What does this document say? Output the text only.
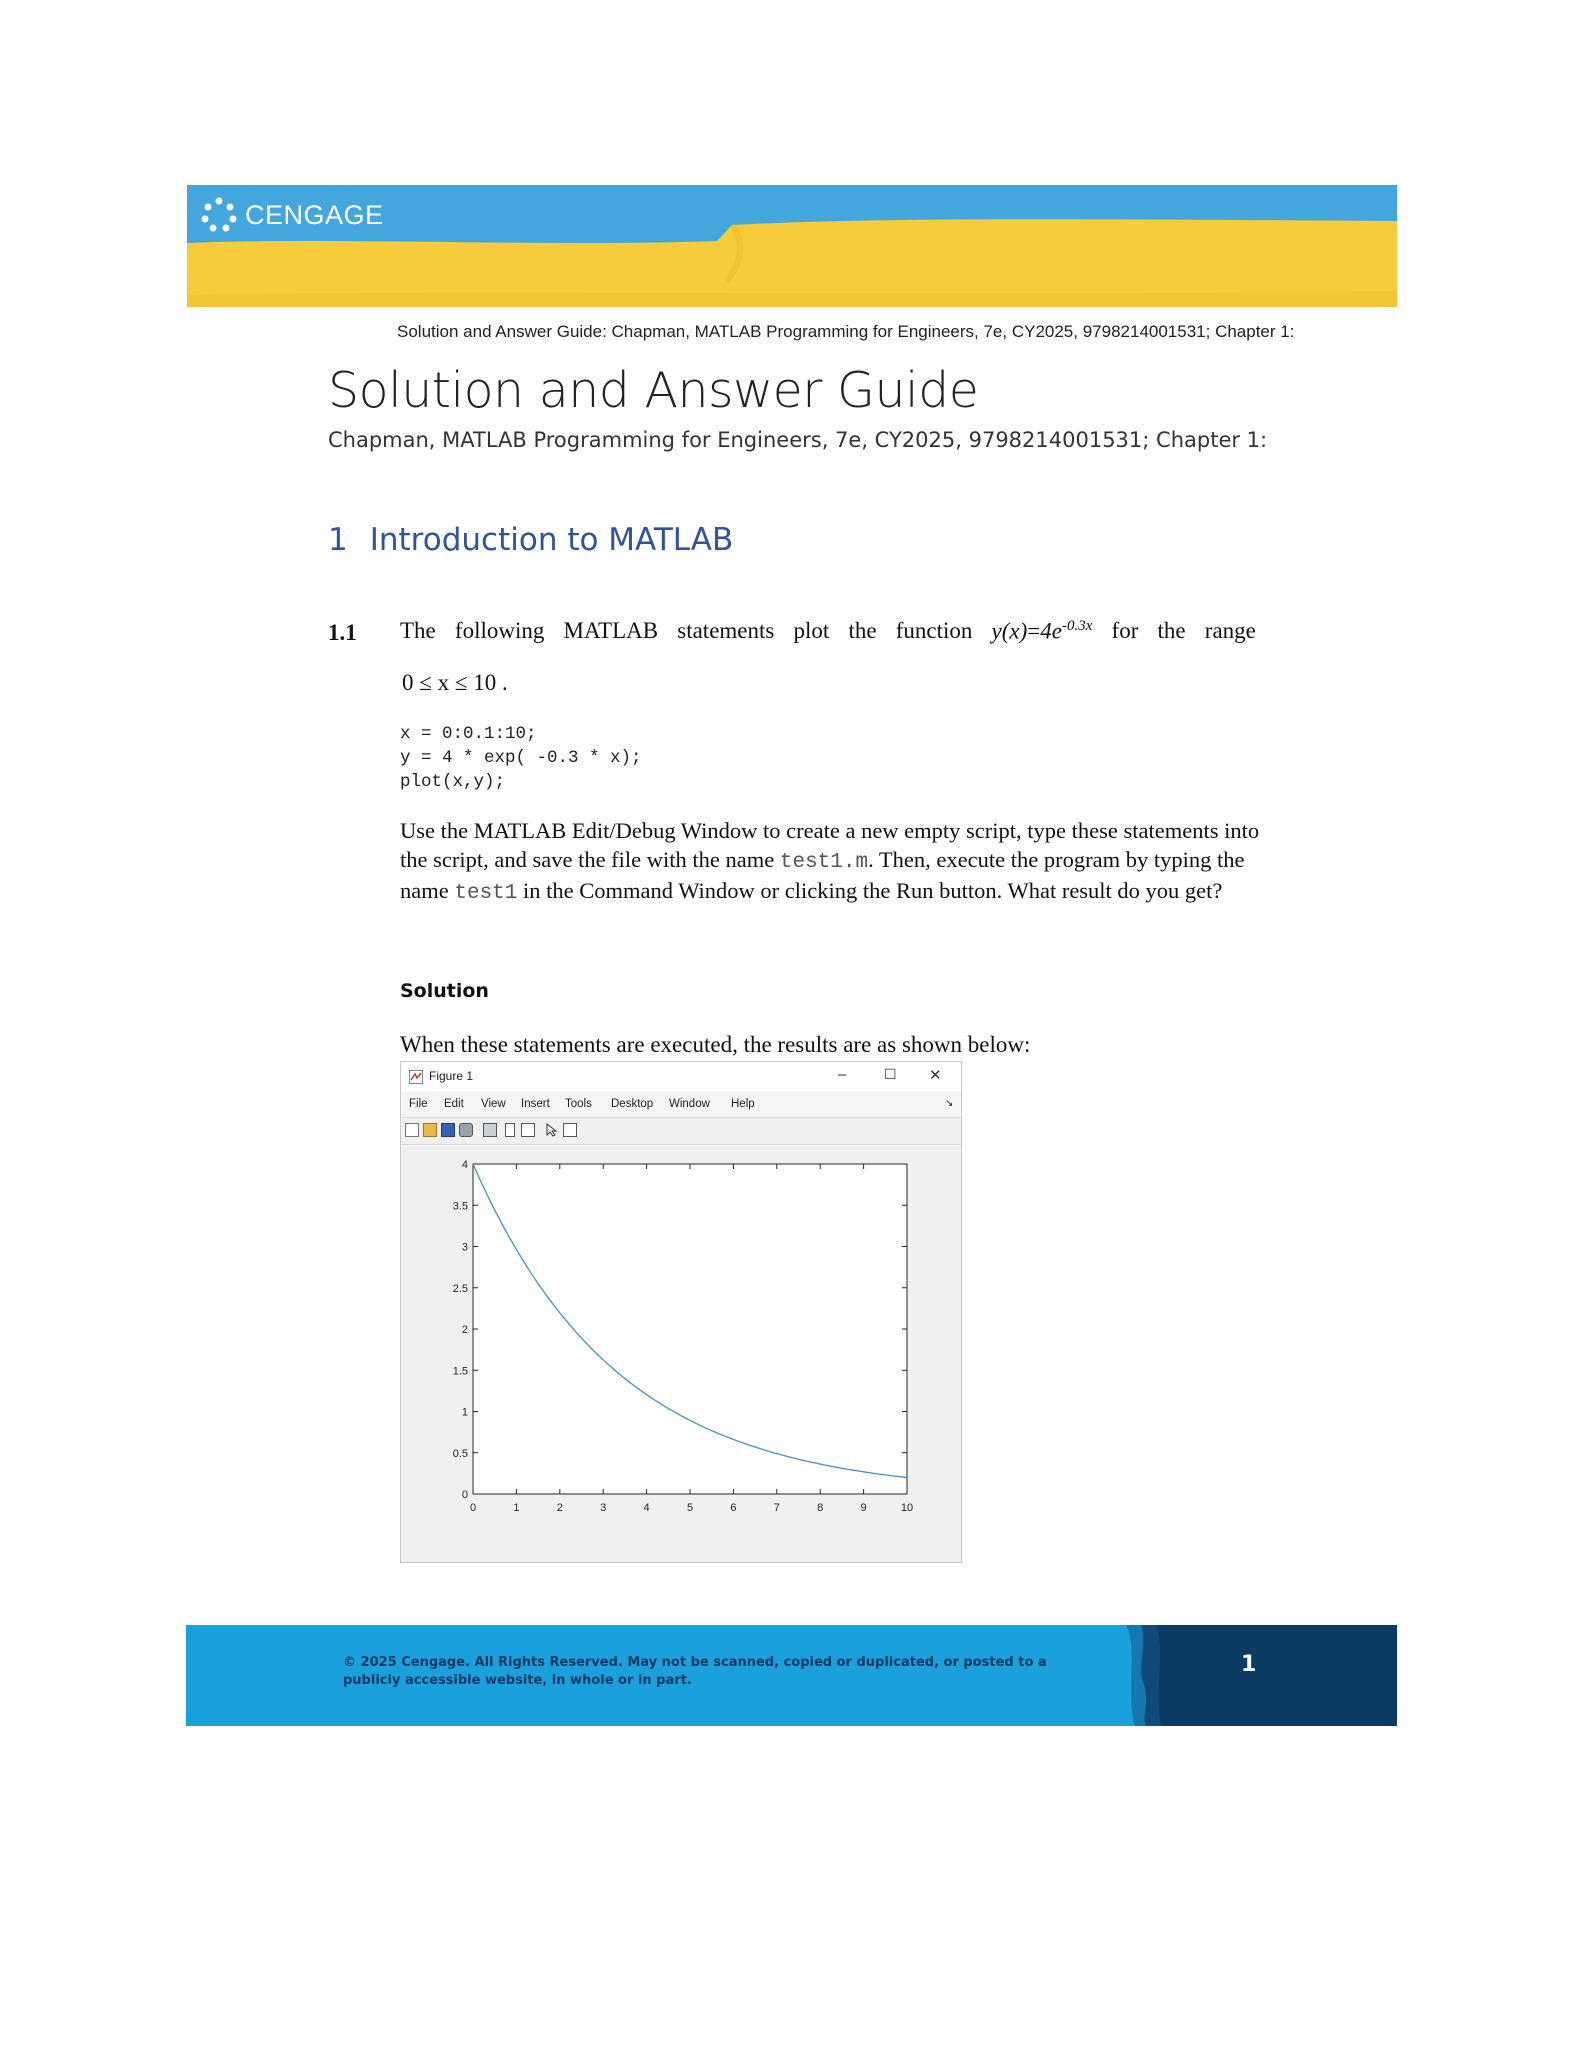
CENGAGE
Solution and Answer Guide: Chapman, MATLAB Programming for Engineers, 7e, CY2025, 9798214001531; Chapter 1:
Solution and Answer Guide
Chapman, MATLAB Programming for Engineers, 7e, CY2025, 9798214001531; Chapter 1:
1 Introduction to MATLAB
1.1 The following MATLAB statements plot the function $y(x)=4e^{-0.3x}$ for the range
0 ≤ x ≤ 10 .
x = 0:0.1:10;
y = 4 * exp( -0.3 * x);
plot(x,y);
Use the MATLAB Edit/Debug Window to create a new empty script, type these statements into the script, and save the file with the name test1.m. Then, execute the program by typing the name test1 in the Command Window or clicking the Run button. What result do you get?
Solution
When these statements are executed, the results are as shown below:
Figure 1	–	☐ ✕
File Edit View Insert Tools Desktop Window Help	↘
0	1	2	3	4	5	6	7	8	9	10
0
0.5
1
1.5
2
2.5
3
3.5
4
© 2025 Cengage. All Rights Reserved. May not be scanned, copied or duplicated, or posted to a publicly accessible website, in whole or in part.
1
